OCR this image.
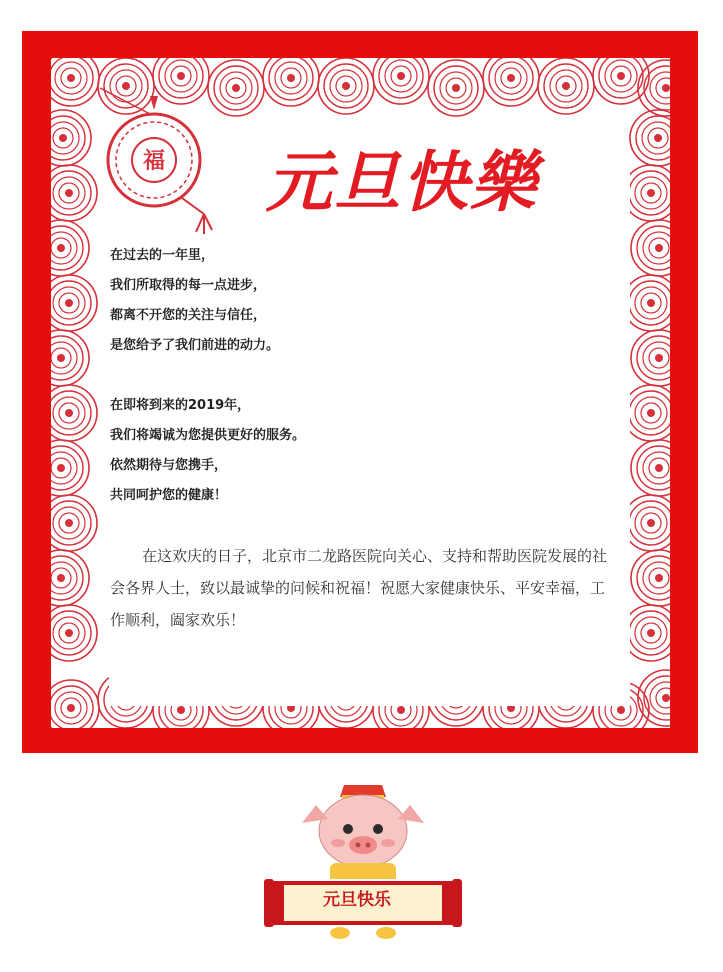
福 元旦快樂
在过去的一年里，
我们所取得的每一点进步，
都离不开您的关注与信任，
是您给予了我们前进的动力。
在即将到来的2019年，
我们将竭诚为您提供更好的服务。
依然期待与您携手，
共同呵护您的健康！
在这欢庆的日子，北京市二龙路医院向关心、支持和帮助医院发展的社会各界人士，致以最诚挚的问候和祝福！祝愿大家健康快乐、平安幸福，工作顺利，阖家欢乐！
元旦快乐
